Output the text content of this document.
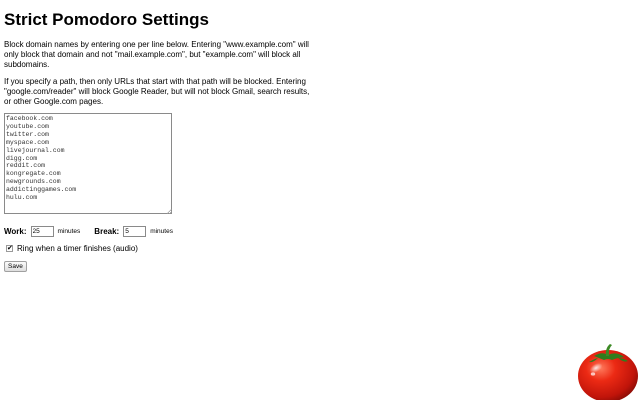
Strict Pomodoro Settings

Block domain names by entering one per line below. Entering "www.example.com" will only block that domain and not "mail.example.com", but "example.com" will block all subdomains.

If you specify a path, then only URLs that start with that path will be blocked. Entering "google.com/reader" will block Google Reader, but will not block Gmail, search results, or other Google.com pages.

facebook.com youtube.com twitter.com myspace.com livejournal.com digg.com reddit.com kongregate.com newgrounds.com addictinggames.com hulu.com
Work:
25	minutes Break:
5	minutes
✔ Ring when a timer finishes (audio)
Save
